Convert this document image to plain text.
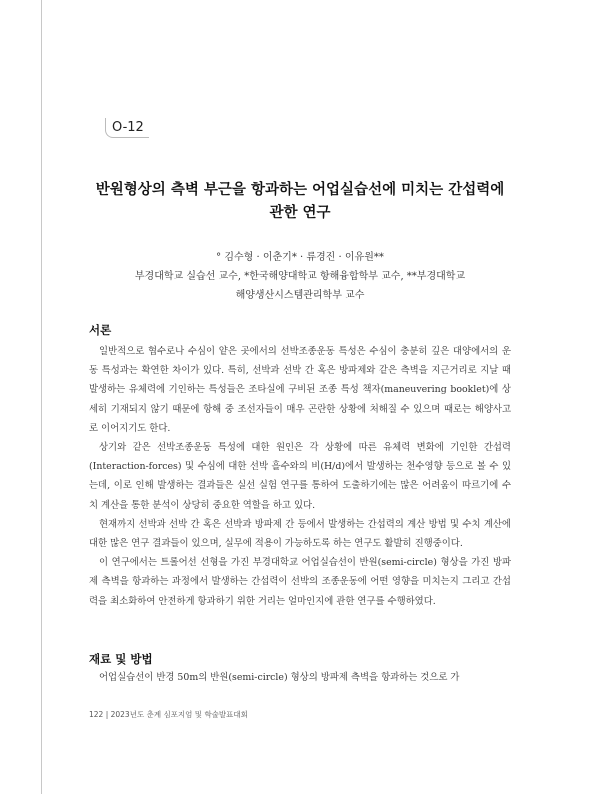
O-12
반원형상의 측벽 부근을 항과하는 어업실습선에 미치는 간섭력에
관한 연구
° 김수형 · 이춘기* · 류경진 · 이유원**
부경대학교 실습선 교수, *한국해양대학교 항해융합학부 교수, **부경대학교
해양생산시스템관리학부 교수
서론

일반적으로 협수로나 수심이 얕은 곳에서의 선박조종운동 특성은 수심이 충분히 깊은 대양에서의 운동 특성과는 확연한 차이가 있다. 특히, 선박과 선박 간 혹은 방파제와 같은 측벽을 지근거리로 지날 때 발생하는 유체력에 기인하는 특성들은 조타실에 구비된 조종 특성 책자(maneuvering booklet)에 상세히 기재되지 않기 때문에 항해 중 조선자들이 매우 곤란한 상황에 처해질 수 있으며 때로는 해양사고로 이어지기도 한다.

상기와 같은 선박조종운동 특성에 대한 원인은 각 상황에 따른 유체력 변화에 기인한 간섭력(Interaction-forces) 및 수심에 대한 선박 흘수와의 비(H/d)에서 발생하는 천수영향 등으로 볼 수 있는데, 이로 인해 발생하는 결과들은 실선 실험 연구를 통하여 도출하기에는 많은 어려움이 따르기에 수치 계산을 통한 분석이 상당히 중요한 역할을 하고 있다.

현재까지 선박과 선박 간 혹은 선박과 방파제 간 등에서 발생하는 간섭력의 계산 방법 및 수치 계산에 대한 많은 연구 결과들이 있으며, 실무에 적용이 가능하도록 하는 연구도 활발히 진행중이다.

이 연구에서는 트롤어선 선형을 가진 부경대학교 어업실습선이 반원(semi-circle) 형상을 가진 방파제 측벽을 항과하는 과정에서 발생하는 간섭력이 선박의 조종운동에 어떤 영향을 미치는지 그리고 간섭력을 최소화하여 안전하게 항과하기 위한 거리는 얼마인지에 관한 연구를 수행하였다.

재료 및 방법

어업실습선이 반경 50m의 반원(semi-circle) 형상의 방파제 측벽을 항과하는 것으로 가

122 | 2023년도 춘계 심포지엄 및 학술발표대회
